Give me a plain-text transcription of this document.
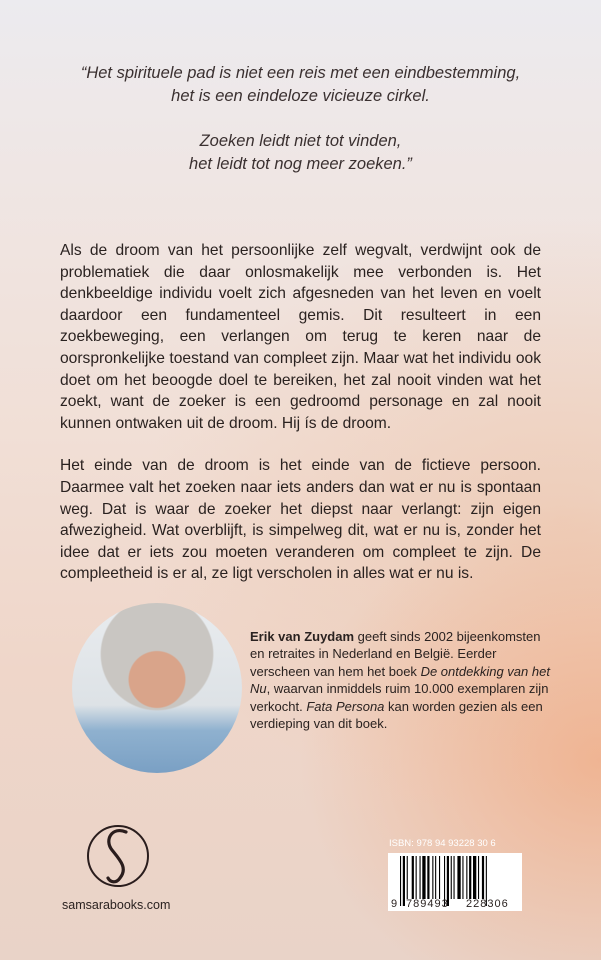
“Het spirituele pad is niet een reis met een eindbestemming,
het is een eindeloze vicieuze cirkel.

Zoeken leidt niet tot vinden,
het leidt tot nog meer zoeken.”

Als de droom van het persoonlijke zelf wegvalt, verdwijnt ook de problematiek die daar onlosmakelijk mee verbonden is. Het denkbeeldige individu voelt zich afgesneden van het leven en voelt daardoor een fundamenteel gemis. Dit resulteert in een zoekbeweging, een verlangen om terug te keren naar de oorspronkelijke toestand van compleet zijn. Maar wat het individu ook doet om het beoogde doel te bereiken, het zal nooit vinden wat het zoekt, want de zoeker is een gedroomd personage en zal nooit kunnen ontwaken uit de droom. Hij ís de droom.

Het einde van de droom is het einde van de fictieve persoon. Daarmee valt het zoeken naar iets anders dan wat er nu is spontaan weg. Dat is waar de zoeker het diepst naar verlangt: zijn eigen afwezigheid. Wat overblijft, is simpelweg dit, wat er nu is, zonder het idee dat er iets zou moeten veranderen om compleet te zijn. De compleetheid is er al, ze ligt verscholen in alles wat er nu is.

Erik van Zuydam geeft sinds 2002 bijeenkomsten en retraites in Nederland en België. Eerder verscheen van hem het boek De ontdekking van het Nu, waarvan inmiddels ruim 10.000 exemplaren zijn verkocht. Fata Persona kan worden gezien als een verdieping van dit boek.
samsarabooks.com
ISBN: 978 94 93228 30 6
9 789493 228306
